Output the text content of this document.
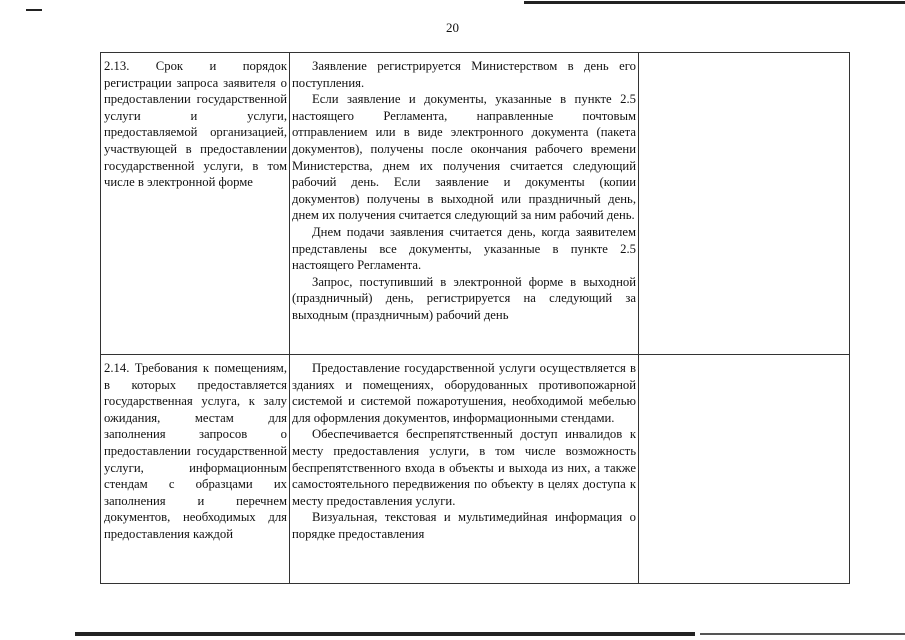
20

2.13. Срок и порядок регистрации запроса заявителя о предоставлении государственной услуги и услуги, предоставляемой организацией, участвующей в предоставлении государственной услуги, в том числе в электронной форме

Заявление регистрируется Министерством в день его поступления.

Если заявление и документы, указанные в пункте 2.5 настоящего Регламента, направленные почтовым отправлением или в виде электронного документа (пакета документов), получены после окончания рабочего времени Министерства, днем их получения считается следующий рабочий день. Если заявление и документы (копии документов) получены в выходной или праздничный день, днем их получения считается следующий за ним рабочий день.

Днем подачи заявления считается день, когда заявителем представлены все документы, указанные в пункте 2.5 настоящего Регламента.

Запрос, поступивший в электронной форме в выходной (праздничный) день, регистрируется на следующий за выходным (праздничным) рабочий день

2.14. Требования к помещениям, в которых предоставляется государственная услуга, к залу ожидания, местам для заполнения запросов о предоставлении государственной услуги, информационным стендам с образцами их заполнения и перечнем документов, необходимых для предоставления каждой

Предоставление государственной услуги осуществляется в зданиях и помещениях, оборудованных противопожарной системой и системой пожаротушения, необходимой мебелью для оформления документов, информационными стендами.

Обеспечивается беспрепятственный доступ инвалидов к месту предоставления услуги, в том числе возможность беспрепятственного входа в объекты и выхода из них, а также самостоятельного передвижения по объекту в целях доступа к месту предоставления услуги.

Визуальная, текстовая и мультимедийная информация о порядке предоставления
